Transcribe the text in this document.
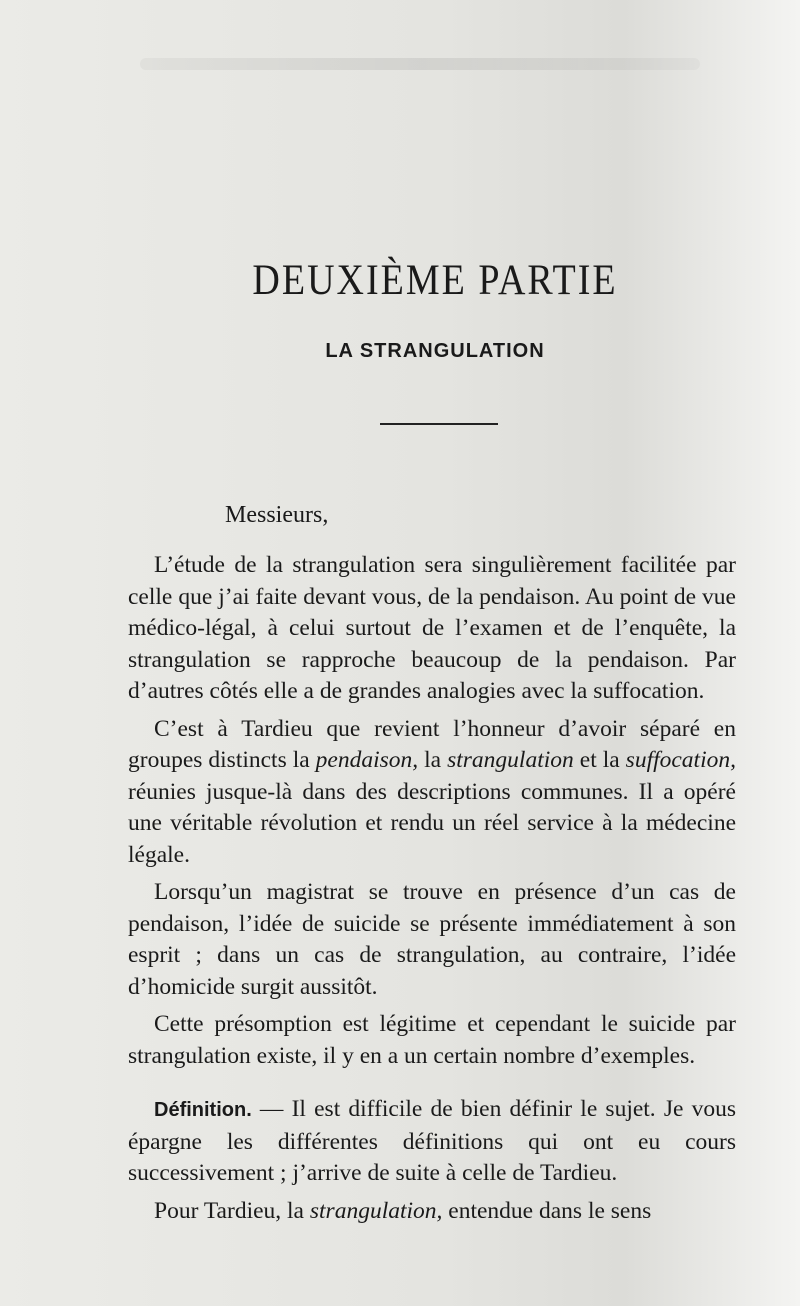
DEUXIÈME PARTIE
LA STRANGULATION
Messieurs,

L’étude de la strangulation sera singulièrement facilitée par celle que j’ai faite devant vous, de la pendaison. Au point de vue médico-légal, à celui surtout de l’examen et de l’enquête, la strangulation se rapproche beaucoup de la pendaison. Par d’autres côtés elle a de grandes analogies avec la suffocation.

C’est à Tardieu que revient l’honneur d’avoir séparé en groupes distincts la pendaison, la strangulation et la suffocation, réunies jusque-là dans des descriptions communes. Il a opéré une véritable révolution et rendu un réel service à la médecine légale.

Lorsqu’un magistrat se trouve en présence d’un cas de pendaison, l’idée de suicide se présente immédiatement à son esprit ; dans un cas de strangulation, au contraire, l’idée d’homicide surgit aussitôt.

Cette présomption est légitime et cependant le suicide par strangulation existe, il y en a un certain nombre d’exemples.

Définition. — Il est difficile de bien définir le sujet. Je vous épargne les différentes définitions qui ont eu cours successivement ; j’arrive de suite à celle de Tardieu.

Pour Tardieu, la strangulation, entendue dans le sens
